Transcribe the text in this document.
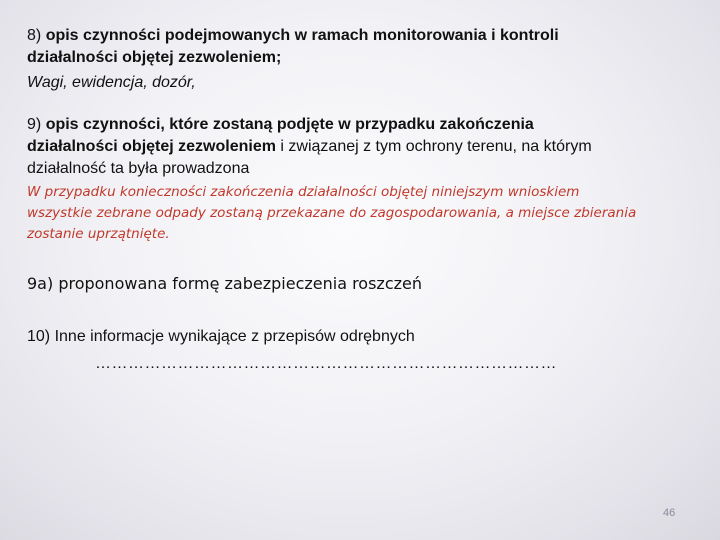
8) opis czynności podejmowanych w ramach monitorowania i kontroli
działalności objętej zezwoleniem;
Wagi, ewidencja, dozór,
9) opis czynności, które zostaną podjęte w przypadku zakończenia
działalności objętej zezwoleniem i związanej z tym ochrony terenu, na którym
działalność ta była prowadzona
W przypadku konieczności zakończenia działalności objętej niniejszym wnioskiem
wszystkie zebrane odpady zostaną przekazane do zagospodarowania, a miejsce zbierania
zostanie uprzątnięte.
9a) proponowana formę zabezpieczenia roszczeń
10) Inne informacje wynikające z przepisów odrębnych
…………………………………………………………………………
46
